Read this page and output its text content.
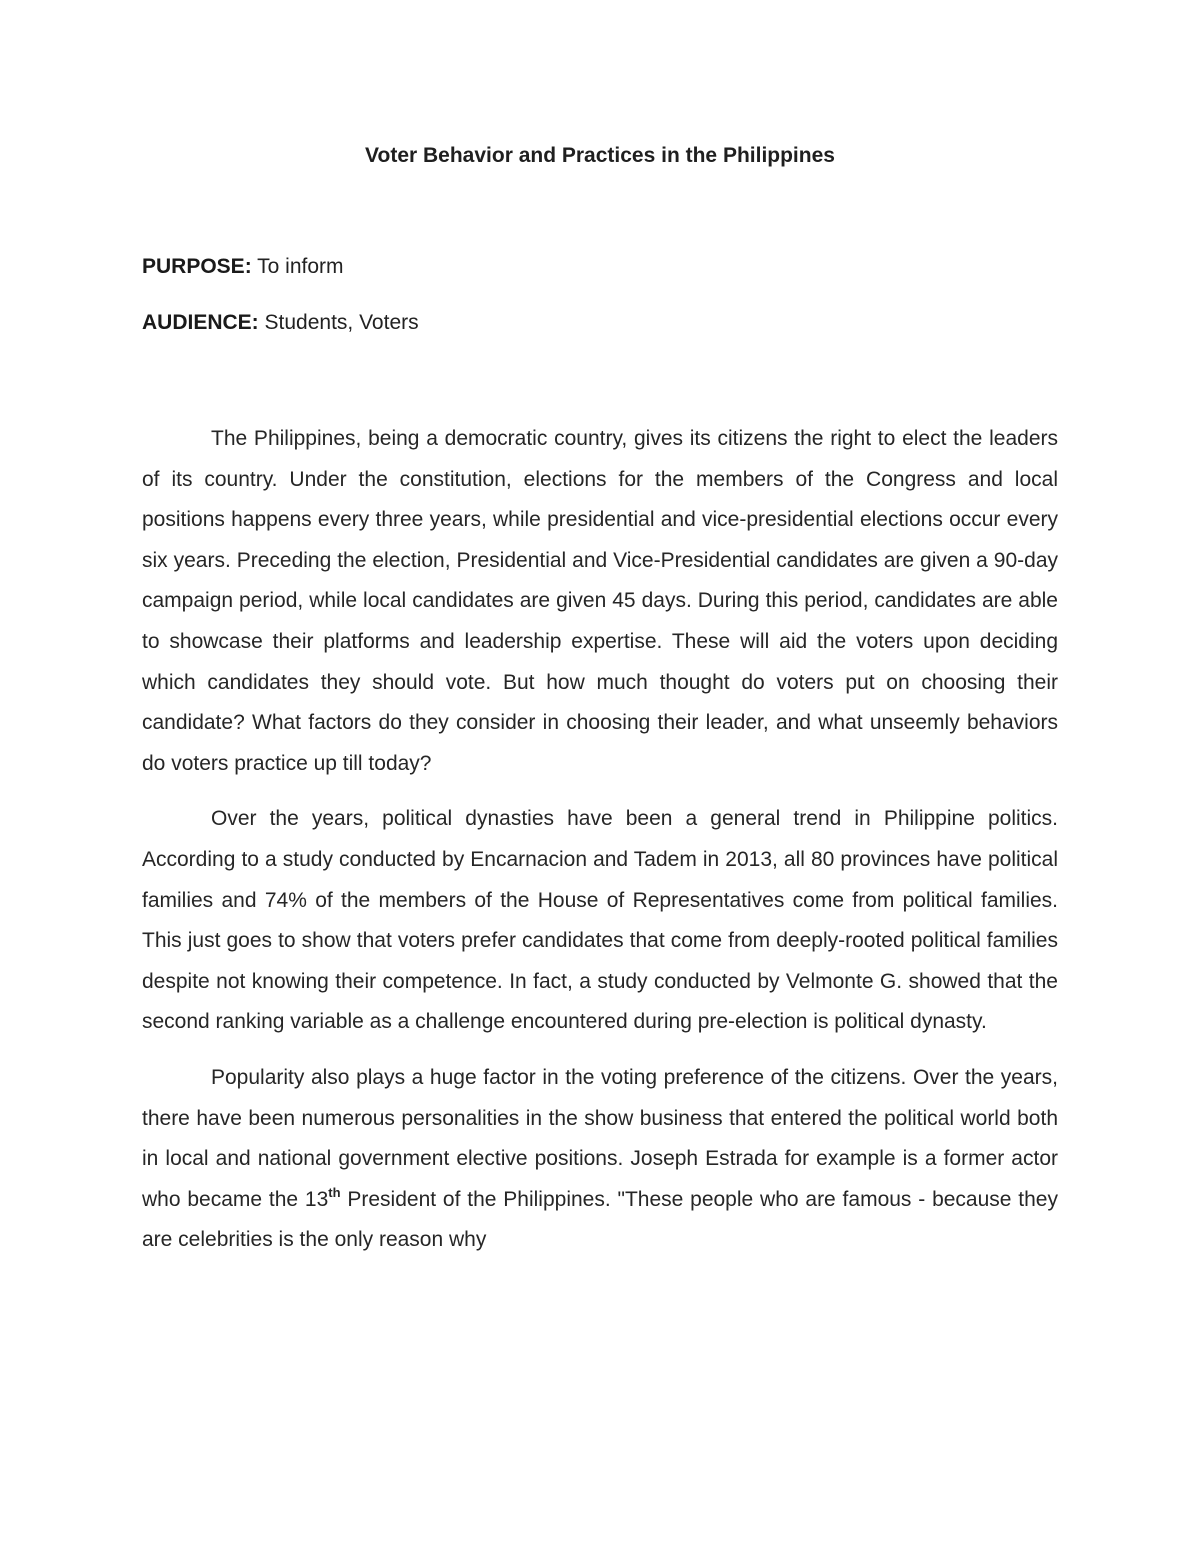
Voter Behavior and Practices in the Philippines

PURPOSE: To inform

AUDIENCE: Students, Voters

The Philippines, being a democratic country, gives its citizens the right to elect the leaders of its country. Under the constitution, elections for the members of the Congress and local positions happens every three years, while presidential and vice-presidential elections occur every six years. Preceding the election, Presidential and Vice-Presidential candidates are given a 90-day campaign period, while local candidates are given 45 days. During this period, candidates are able to showcase their platforms and leadership expertise. These will aid the voters upon deciding which candidates they should vote. But how much thought do voters put on choosing their candidate? What factors do they consider in choosing their leader, and what unseemly behaviors do voters practice up till today?

Over the years, political dynasties have been a general trend in Philippine politics. According to a study conducted by Encarnacion and Tadem in 2013, all 80 provinces have political families and 74% of the members of the House of Representatives come from political families. This just goes to show that voters prefer candidates that come from deeply-rooted political families despite not knowing their competence. In fact, a study conducted by Velmonte G. showed that the second ranking variable as a challenge encountered during pre-election is political dynasty.

Popularity also plays a huge factor in the voting preference of the citizens. Over the years, there have been numerous personalities in the show business that entered the political world both in local and national government elective positions. Joseph Estrada for example is a former actor who became the 13th President of the Philippines. "These people who are famous - because they are celebrities is the only reason why
